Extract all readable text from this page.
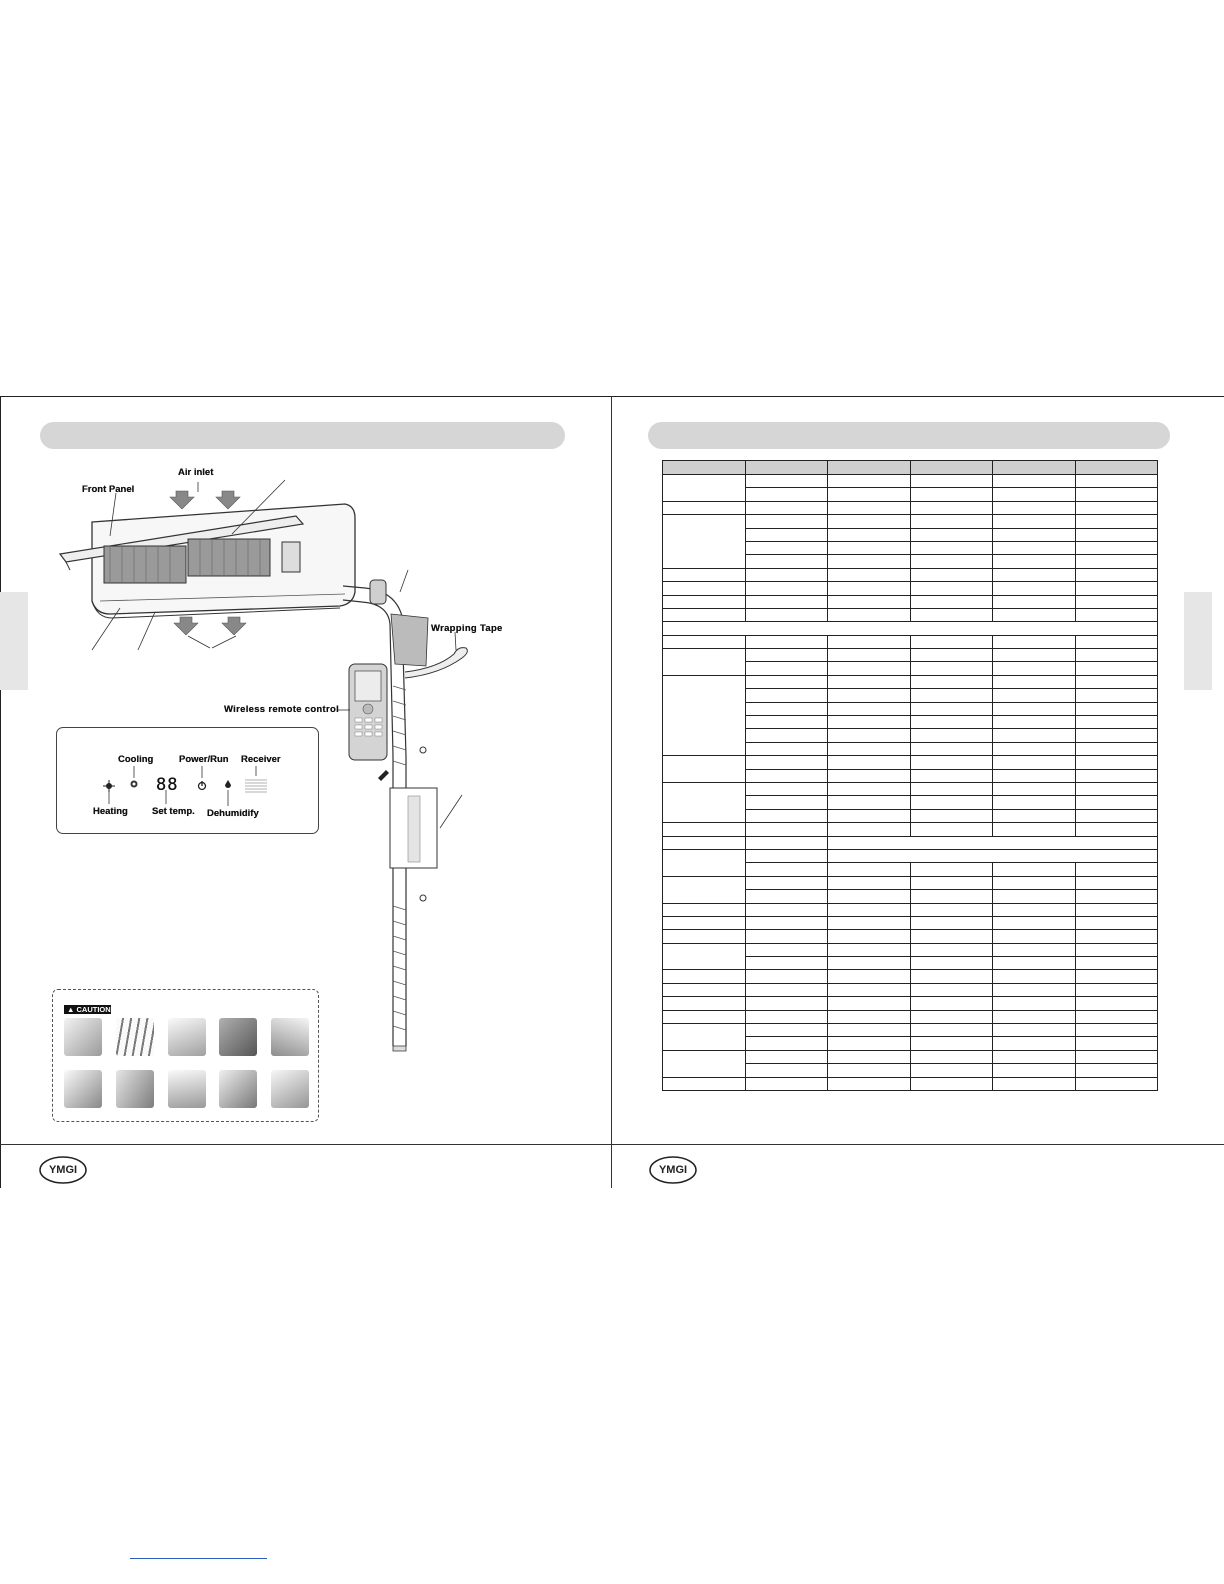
Air inlet
Front Panel
Wrapping Tape
Wireless remote control
Cooling	Power/Run Receiver
88
Heating	Set temp. Dehumidify
▲ CAUTION
YMGI	YMGI
